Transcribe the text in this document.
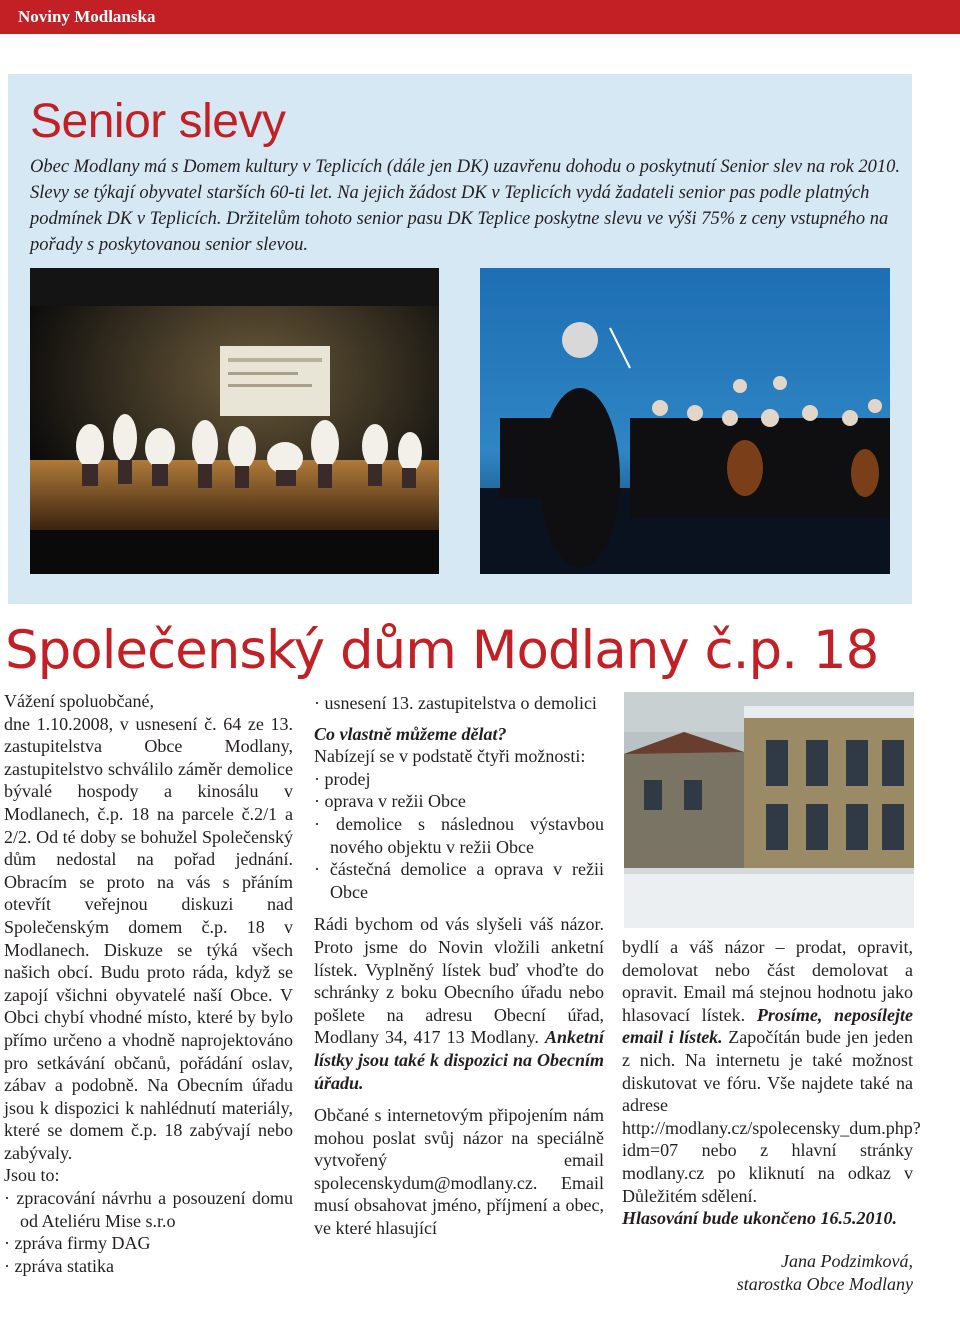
Noviny Modlanska
Senior slevy

Obec Modlany má s Domem kultury v Teplicích (dále jen DK) uzavřenu dohodu o poskytnutí Senior slev na rok 2010. Slevy se týkají obyvatel starších 60-ti let. Na jejich žádost DK v Teplicích vydá žadateli senior pas podle platných podmínek DK v Teplicích. Držitelům tohoto senior pasu DK Teplice poskytne slevu ve výši 75% z ceny vstupného na pořady s poskytovanou senior slevou.

Společenský dům Modlany č.p. 18

Vážení spoluobčané,

dne 1.10.2008, v usnesení č. 64 ze 13. zastupitelstva Obce Modlany, zastupitelstvo schválilo záměr demolice bývalé hospody a kinosálu v Modlanech, č.p. 18 na parcele č.2/1 a 2/2. Od té doby se bohužel Společenský dům nedostal na pořad jednání. Obracím se proto na vás s přáním otevřít veřejnou diskuzi nad Společenským domem č.p. 18 v Modlanech. Diskuze se týká všech našich obcí. Budu proto ráda, když se zapojí všichni obyvatelé naší Obce. V Obci chybí vhodné místo, které by bylo přímo určeno a vhodně naprojektováno pro setkávání občanů, pořádání oslav, zábav a podobně. Na Obecním úřadu jsou k dispozici k nahlédnutí materiály, které se domem č.p. 18 zabývají nebo zabývaly.

Jsou to:

· zpracování návrhu a posouzení domu od Ateliéru Mise s.r.o

· zpráva firmy DAG

· zpráva statika

· usnesení 13. zastupitelstva o demolici

Co vlastně můžeme dělat?

Nabízejí se v podstatě čtyři možnosti:

· prodej

· oprava v režii Obce

· demolice s následnou výstavbou nového objektu v režii Obce

· částečná demolice a oprava v režii Obce

Rádi bychom od vás slyšeli váš názor. Proto jsme do Novin vložili anketní lístek. Vyplněný lístek buď vhoďte do schránky z boku Obecního úřadu nebo pošlete na adresu Obecní úřad, Modlany 34, 417 13 Modlany. Anketní lístky jsou také k dispozici na Obecním úřadu.

Občané s internetovým připojením nám mohou poslat svůj názor na speciálně vytvořený email spolecenskydum@modlany.cz. Email musí obsahovat jméno, příjmení a obec, ve které hlasující

bydlí a váš názor – prodat, opravit, demolovat nebo část demolovat a opravit. Email má stejnou hodnotu jako hlasovací lístek. Prosíme, neposílejte email i lístek. Započítán bude jen jeden z nich. Na internetu je také možnost diskutovat ve fóru. Vše najdete také na adrese http://modlany.cz/spolecensky_dum.php?idm=07 nebo z hlavní stránky modlany.cz po kliknutí na odkaz v Důležitém sdělení.

Hlasování bude ukončeno 16.5.2010.

Jana Podzimková,
starostka Obce Modlany
